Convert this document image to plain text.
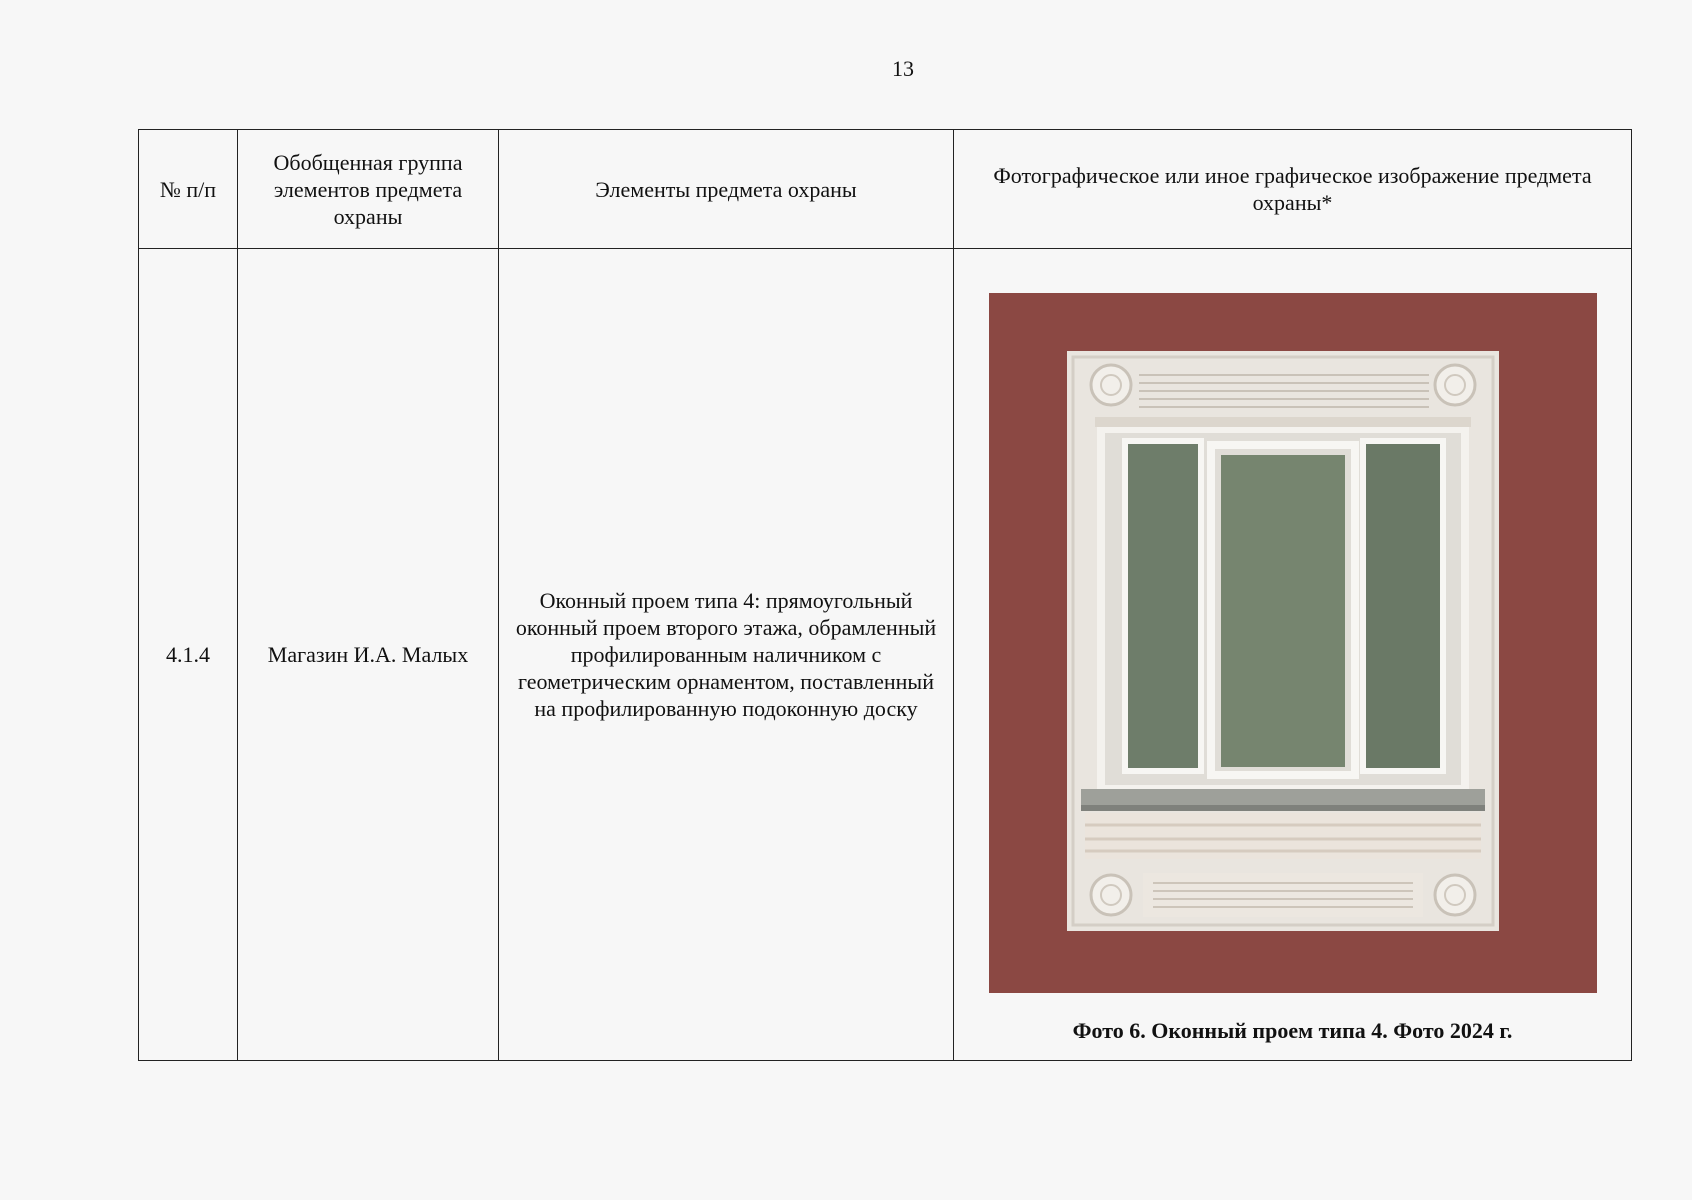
13
№ п/п	Обобщенная группа элементов предмета охраны	Элементы предмета охраны	Фотографическое или иное графическое изображение предмета охраны*
4.1.4	Магазин И.А. Малых	Оконный проем типа 4: прямоугольный оконный проем второго этажа, обрамленный профилированным наличником с геометрическим орнаментом, поставленный на профилированную подоконную доску	Фото 6. Оконный проем типа 4. Фото 2024 г.
